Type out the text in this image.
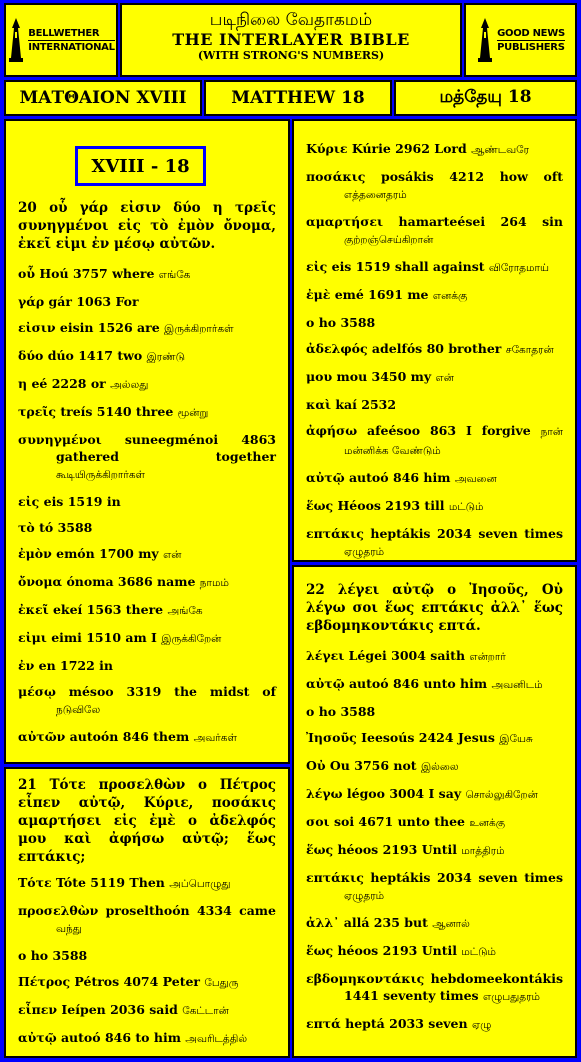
BELLWETHER
INTERNATIONAL
படிநிலை வேதாகமம்
THE INTERLAYER BIBLE
(WITH STRONG'S NUMBERS)
GOOD NEWS
PUBLISHERS
ΜΑΤΘΑΙΟΝ XVIII	MATTHEW 18	மத்தேயு 18
20 οὗ γάρ εἰσιν δύο η τρεῖς συνηγμένοι εἰς τὸ ἐμὸν ὄνομα, ἐκεῖ εἰμι ἐν μέσῳ αὐτῶν.
οὗ Hoú 3757 where எங்கே
γάρ gár 1063 For
εἰσιν eisin 1526 are இருக்கிறார்கள்
δύο dúo 1417 two இரண்டு
η eé 2228 or அல்லது
τρεῖς treís 5140 three மூன்று
συνηγμένοι suneegménoi 4863 gathered together கூடியிருக்கிறார்கள்
εἰς eis 1519 in
τὸ tó 3588
ἐμὸν emón 1700 my என்
ὄνομα ónoma 3686 name நாமம்
ἐκεῖ ekeí 1563 there அங்கே
εἰμι eimi 1510 am I இருக்கிறேன்
ἐν en 1722 in
μέσῳ mésoo 3319 the midst of நடுவிலே
αὐτῶν autoón 846 them அவர்கள்
XVIII - 18
21 Τότε προσελθὼν ο Πέτρος εἶπεν αὐτῷ, Κύριε, ποσάκις αμαρτήσει εἰς ἐμὲ ο ἀδελφός μου καὶ ἀφήσω αὐτῷ; ἕως επτάκις;
Τότε Tóte 5119 Then அப்பொழுது
προσελθὼν proselthoón 4334 came வந்து
ο ho 3588
Πέτρος Pétros 4074 Peter பேதுரு
εἶπεν Ieípen 2036 said கேட்டான்
αὐτῷ autoó 846 to him அவரிடத்தில்
Κύριε Kúrie 2962 Lord ஆண்டவரே
ποσάκις posákis 4212 how oft எத்தனைதரம்
αμαρτήσει hamarteései 264 sin குற்றஞ்செய்கிறான்
εἰς eis 1519 shall against விரோதமாய்
ἐμὲ emé 1691 me எனக்கு
ο ho 3588
ἀδελφός adelfós 80 brother சகோதரன்
μου mou 3450 my என்
καὶ kaí 2532
ἀφήσω afeésoo 863 I forgive நான் மன்னிக்க வேண்டும்
αὐτῷ autoó 846 him அவனை
ἕως Héoos 2193 till மட்டும்
επτάκις heptákis 2034 seven times ஏழுதரம்
22 λέγει αὐτῷ ο Ἰησοῦς, Οὐ λέγω σοι ἕως επτάκις ἀλλ᾽ ἕως εβδομηκοντάκις επτά.
λέγει Légei 3004 saith என்றார்
αὐτῷ autoó 846 unto him அவனிடம்
ο ho 3588
Ἰησοῦς Ieesoús 2424 Jesus இயேசு
Οὐ Ou 3756 not இல்லை
λέγω légoo 3004 I say சொல்லுகிறேன்
σοι soi 4671 unto thee உனக்கு
ἕως héoos 2193 Until மாத்திரம்
επτάκις heptákis 2034 seven times ஏழுதரம்
ἀλλ᾽ allá 235 but ஆனால்
ἕως héoos 2193 Until மட்டும்
εβδομηκοντάκις hebdomeekontákis 1441 seventy times எழுபதுதரம்
επτά heptá 2033 seven ஏழு
